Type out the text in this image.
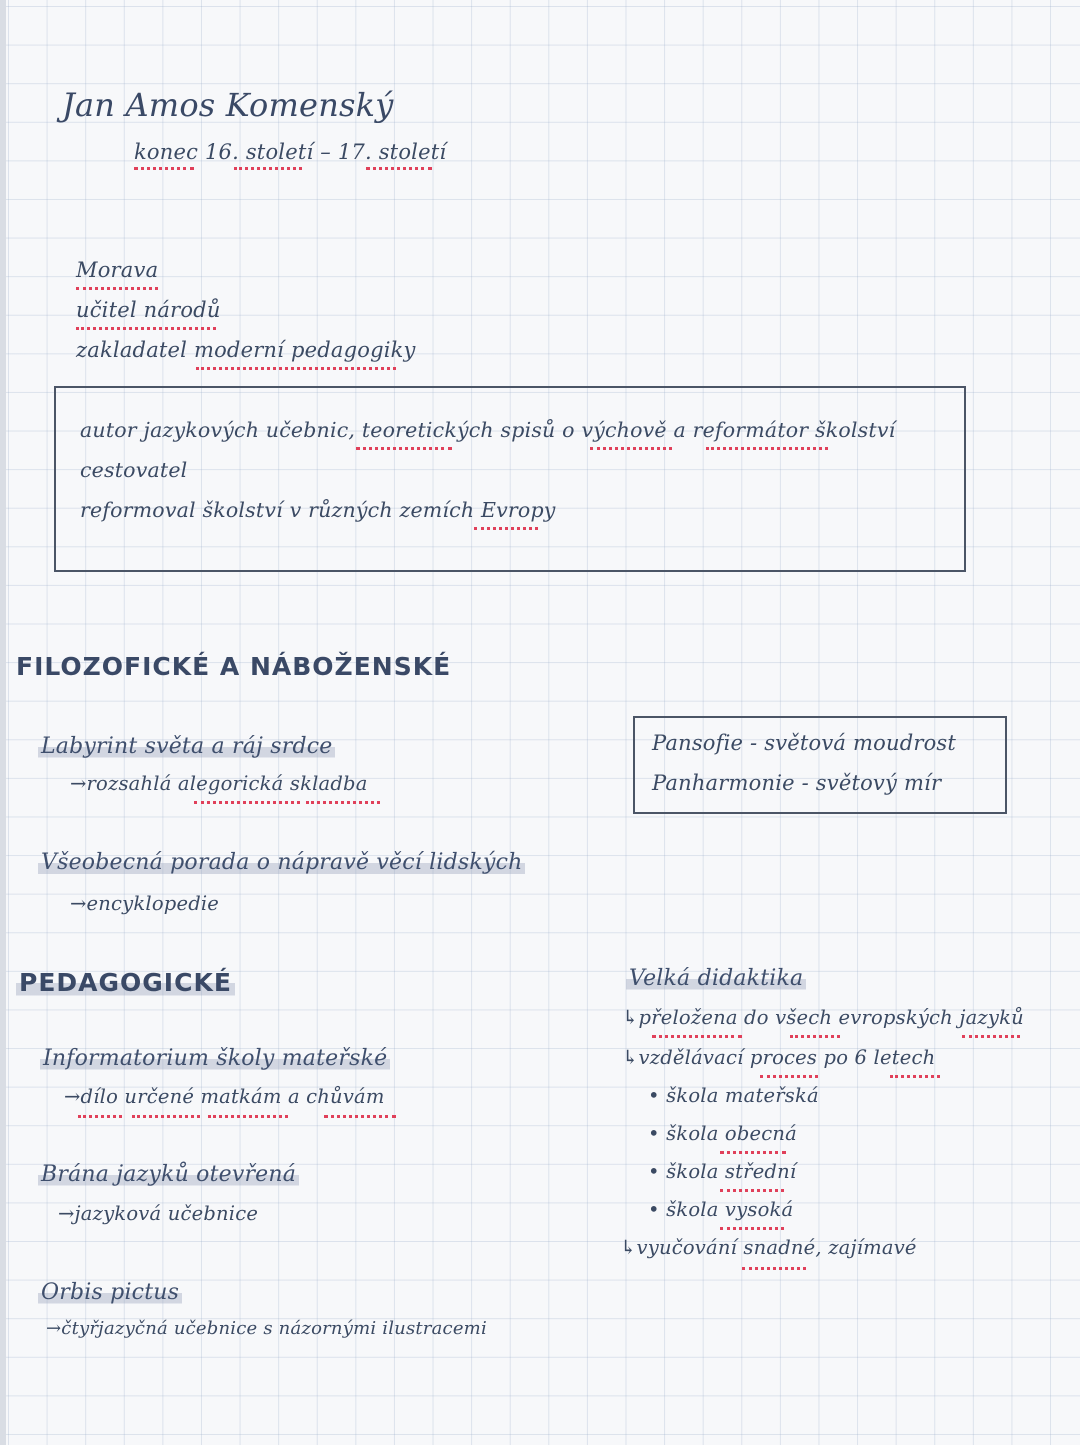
Jan Amos Komenský
konec 16. století – 17. století
Morava
učitel národů
zakladatel moderní pedagogiky
autor jazykových učebnic, teoretických spisů o výchově a reformátor školství
cestovatel
reformoval školství v různých zemích Evropy
FILOZOFICKÉ A NÁBOŽENSKÉ
Labyrint světa a ráj srdce
→rozsahlá alegorická skladba
Pansofie - světová moudrost
Panharmonie - světový mír
Všeobecná porada o nápravě věcí lidských
→encyklopedie
PEDAGOGICKÉ
Informatorium školy mateřské
→dílo určené matkám a chůvám
Brána jazyků otevřená
→jazyková učebnice
Orbis pictus
→čtyřjazyčná učebnice s názornými ilustracemi
Velká didaktika
↳přeložena do všech evropských jazyků
↳vzdělávací proces po 6 letech
• škola mateřská
• škola obecná
• škola střední
• škola vysoká
↳vyučování snadné, zajímavé
